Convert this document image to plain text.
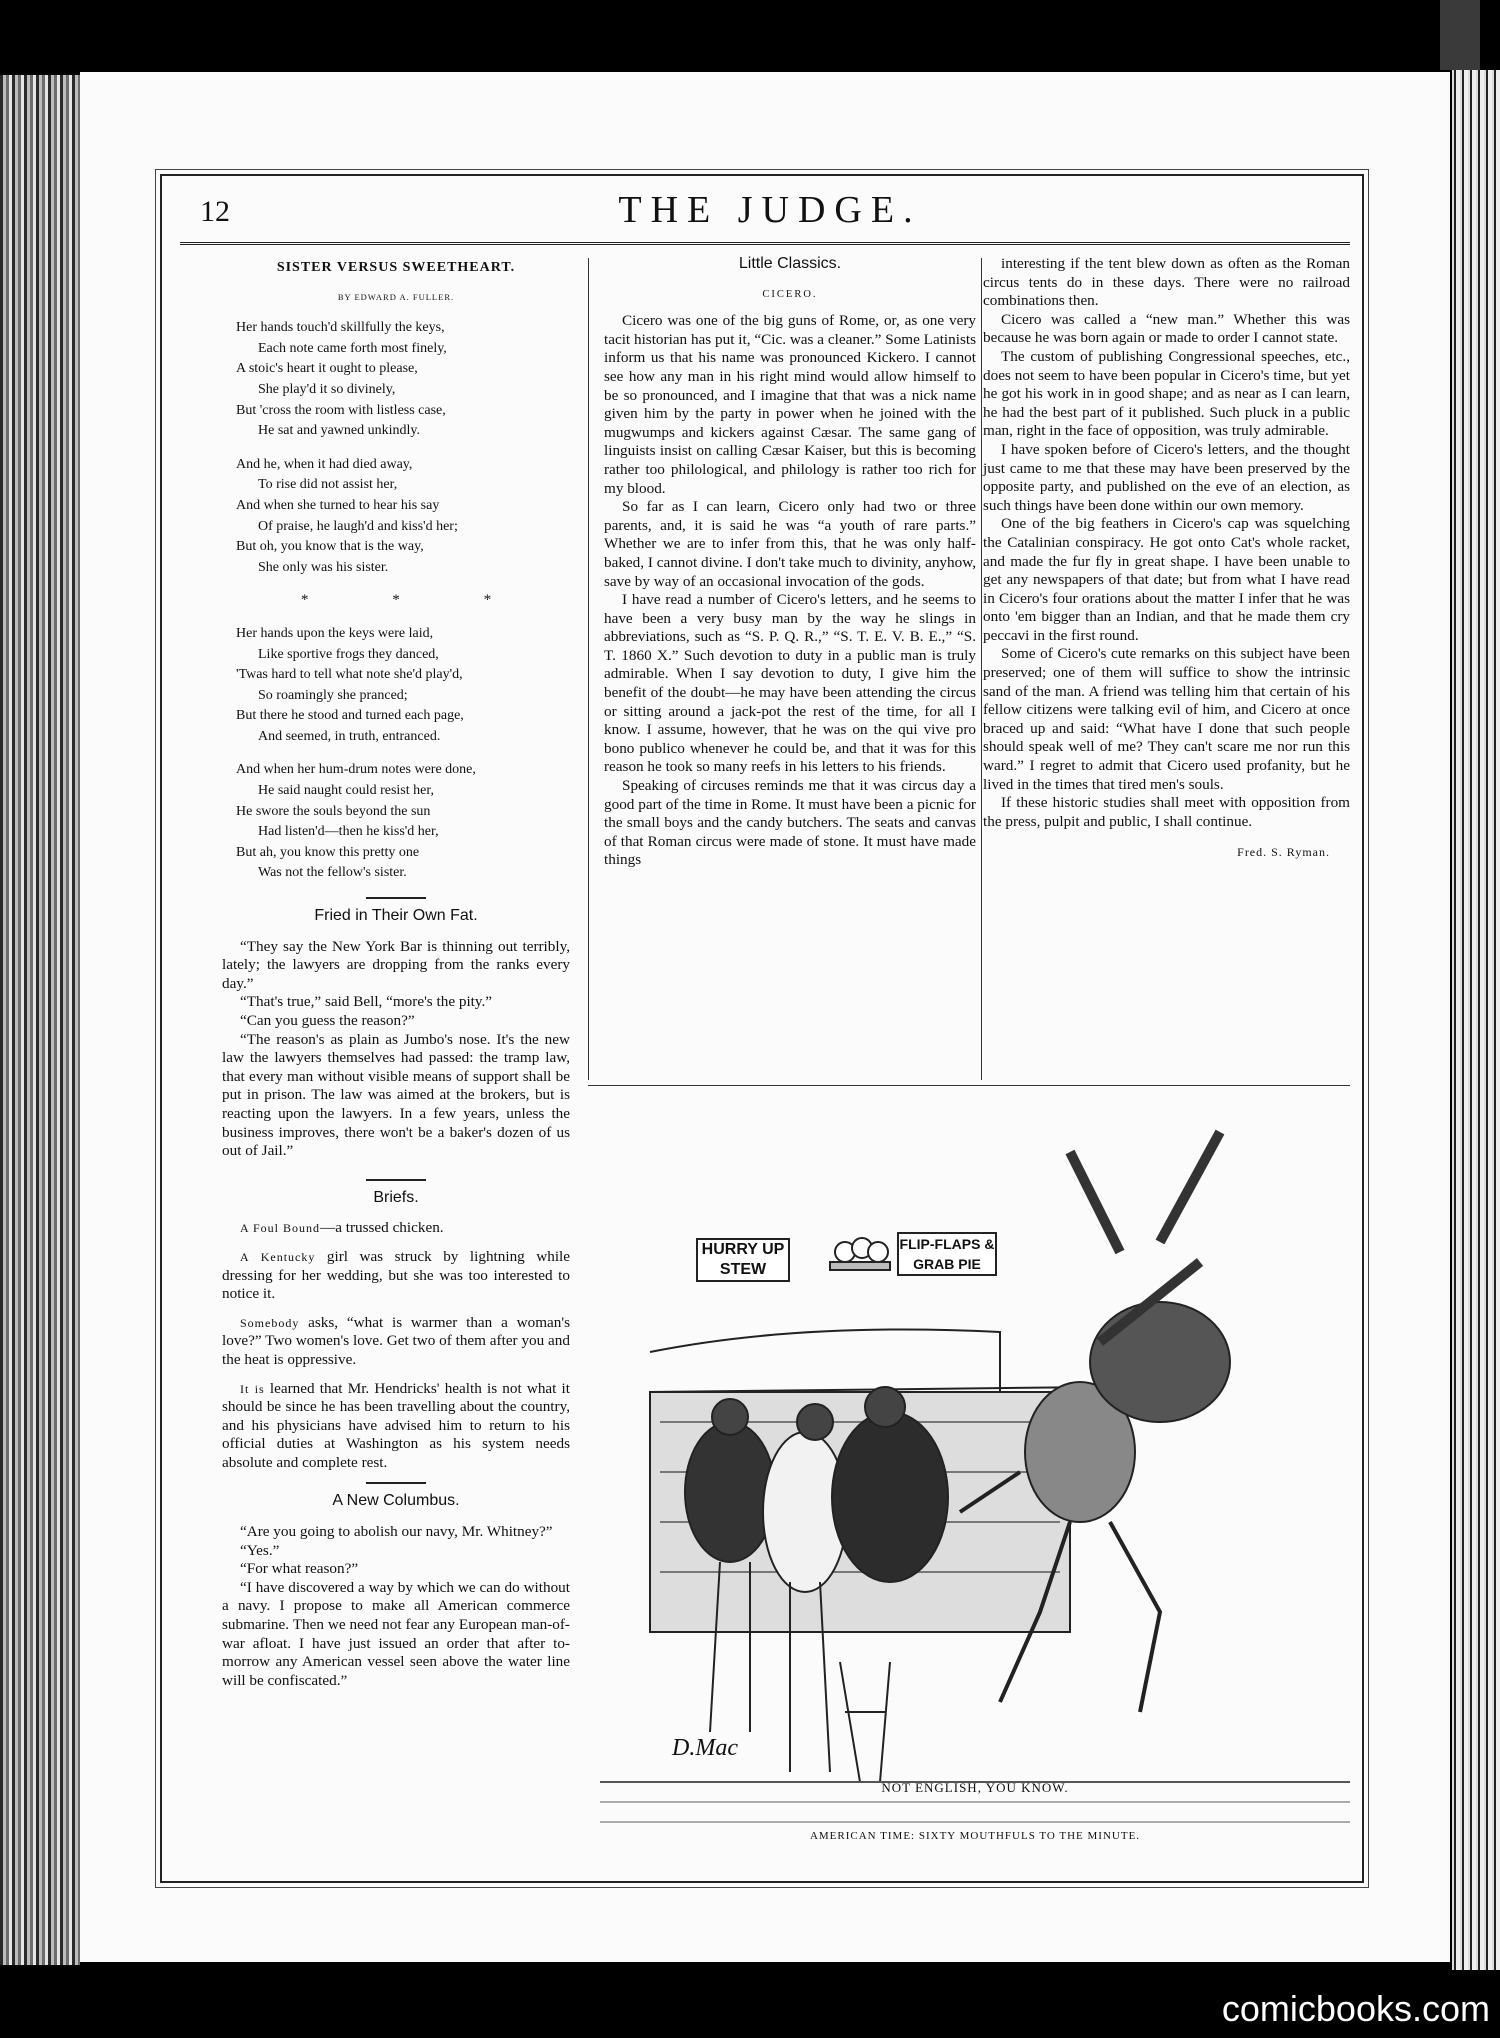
12	THE JUDGE.
SISTER VERSUS SWEETHEART.
BY EDWARD A. FULLER.
Her hands touch'd skillfully the keys,
Each note came forth most finely,
A stoic's heart it ought to please,
She play'd it so divinely,
But 'cross the room with listless case,
He sat and yawned unkindly.
And he, when it had died away,
To rise did not assist her,
And when she turned to hear his say
Of praise, he laugh'd and kiss'd her;
But oh, you know that is the way,
She only was his sister.
* * *
Her hands upon the keys were laid,
Like sportive frogs they danced,
'Twas hard to tell what note she'd play'd,
So roamingly she pranced;
But there he stood and turned each page,
And seemed, in truth, entranced.
And when her hum-drum notes were done,
He said naught could resist her,
He swore the souls beyond the sun
Had listen'd—then he kiss'd her,
But ah, you know this pretty one
Was not the fellow's sister.
Fried in Their Own Fat.

“They say the New York Bar is thinning out terribly, lately; the lawyers are dropping from the ranks every day.”

“That's true,” said Bell, “more's the pity.”

“Can you guess the reason?”

“The reason's as plain as Jumbo's nose. It's the new law the lawyers themselves had passed: the tramp law, that every man without visible means of support shall be put in prison. The law was aimed at the brokers, but is reacting upon the lawyers. In a few years, unless the business improves, there won't be a baker's dozen of us out of Jail.”

Briefs.

A Foul Bound—a trussed chicken.

A Kentucky girl was struck by lightning while dressing for her wedding, but she was too interested to notice it.

Somebody asks, “what is warmer than a woman's love?” Two women's love. Get two of them after you and the heat is oppressive.

It is learned that Mr. Hendricks' health is not what it should be since he has been travelling about the country, and his physicians have advised him to return to his official duties at Washington as his system needs absolute and complete rest.

A New Columbus.

“Are you going to abolish our navy, Mr. Whitney?”

“Yes.”

“For what reason?”

“I have discovered a way by which we can do without a navy. I propose to make all American commerce submarine. Then we need not fear any European man-of-war afloat. I have just issued an order that after to-morrow any American vessel seen above the water line will be confiscated.”

Little Classics.
CICERO.

Cicero was one of the big guns of Rome, or, as one very tacit historian has put it, “Cic. was a cleaner.” Some Latinists inform us that his name was pronounced Kickero. I cannot see how any man in his right mind would allow himself to be so pronounced, and I imagine that that was a nick name given him by the party in power when he joined with the mugwumps and kickers against Cæsar. The same gang of linguists insist on calling Cæsar Kaiser, but this is becoming rather too philological, and philology is rather too rich for my blood.

So far as I can learn, Cicero only had two or three parents, and, it is said he was “a youth of rare parts.” Whether we are to infer from this, that he was only half-baked, I cannot divine. I don't take much to divinity, anyhow, save by way of an occasional invocation of the gods.

I have read a number of Cicero's letters, and he seems to have been a very busy man by the way he slings in abbreviations, such as “S. P. Q. R.,” “S. T. E. V. B. E.,” “S. T. 1860 X.” Such devotion to duty in a public man is truly admirable. When I say devotion to duty, I give him the benefit of the doubt—he may have been attending the circus or sitting around a jack-pot the rest of the time, for all I know. I assume, however, that he was on the qui vive pro bono publico whenever he could be, and that it was for this reason he took so many reefs in his letters to his friends.

Speaking of circuses reminds me that it was circus day a good part of the time in Rome. It must have been a picnic for the small boys and the candy butchers. The seats and canvas of that Roman circus were made of stone. It must have made things

interesting if the tent blew down as often as the Roman circus tents do in these days. There were no railroad combinations then.

Cicero was called a “new man.” Whether this was because he was born again or made to order I cannot state.

The custom of publishing Congressional speeches, etc., does not seem to have been popular in Cicero's time, but yet he got his work in in good shape; and as near as I can learn, he had the best part of it published. Such pluck in a public man, right in the face of opposition, was truly admirable.

I have spoken before of Cicero's letters, and the thought just came to me that these may have been preserved by the opposite party, and published on the eve of an election, as such things have been done within our own memory.

One of the big feathers in Cicero's cap was squelching the Catalinian conspiracy. He got onto Cat's whole racket, and made the fur fly in great shape. I have been unable to get any newspapers of that date; but from what I have read in Cicero's four orations about the matter I infer that he was onto 'em bigger than an Indian, and that he made them cry peccavi in the first round.

Some of Cicero's cute remarks on this subject have been preserved; one of them will suffice to show the intrinsic sand of the man. A friend was telling him that certain of his fellow citizens were talking evil of him, and Cicero at once braced up and said: “What have I done that such people should speak well of me? They can't scare me nor run this ward.” I regret to admit that Cicero used profanity, but he lived in the times that tired men's souls.

If these historic studies shall meet with opposition from the press, pulpit and public, I shall continue.

Fred. S. Ryman.
HURRY UP STEW
FLIP-FLAPS & GRAB PIE
D.Mac
NOT ENGLISH, YOU KNOW.
AMERICAN TIME: SIXTY MOUTHFULS TO THE MINUTE.
comicbooks.com
